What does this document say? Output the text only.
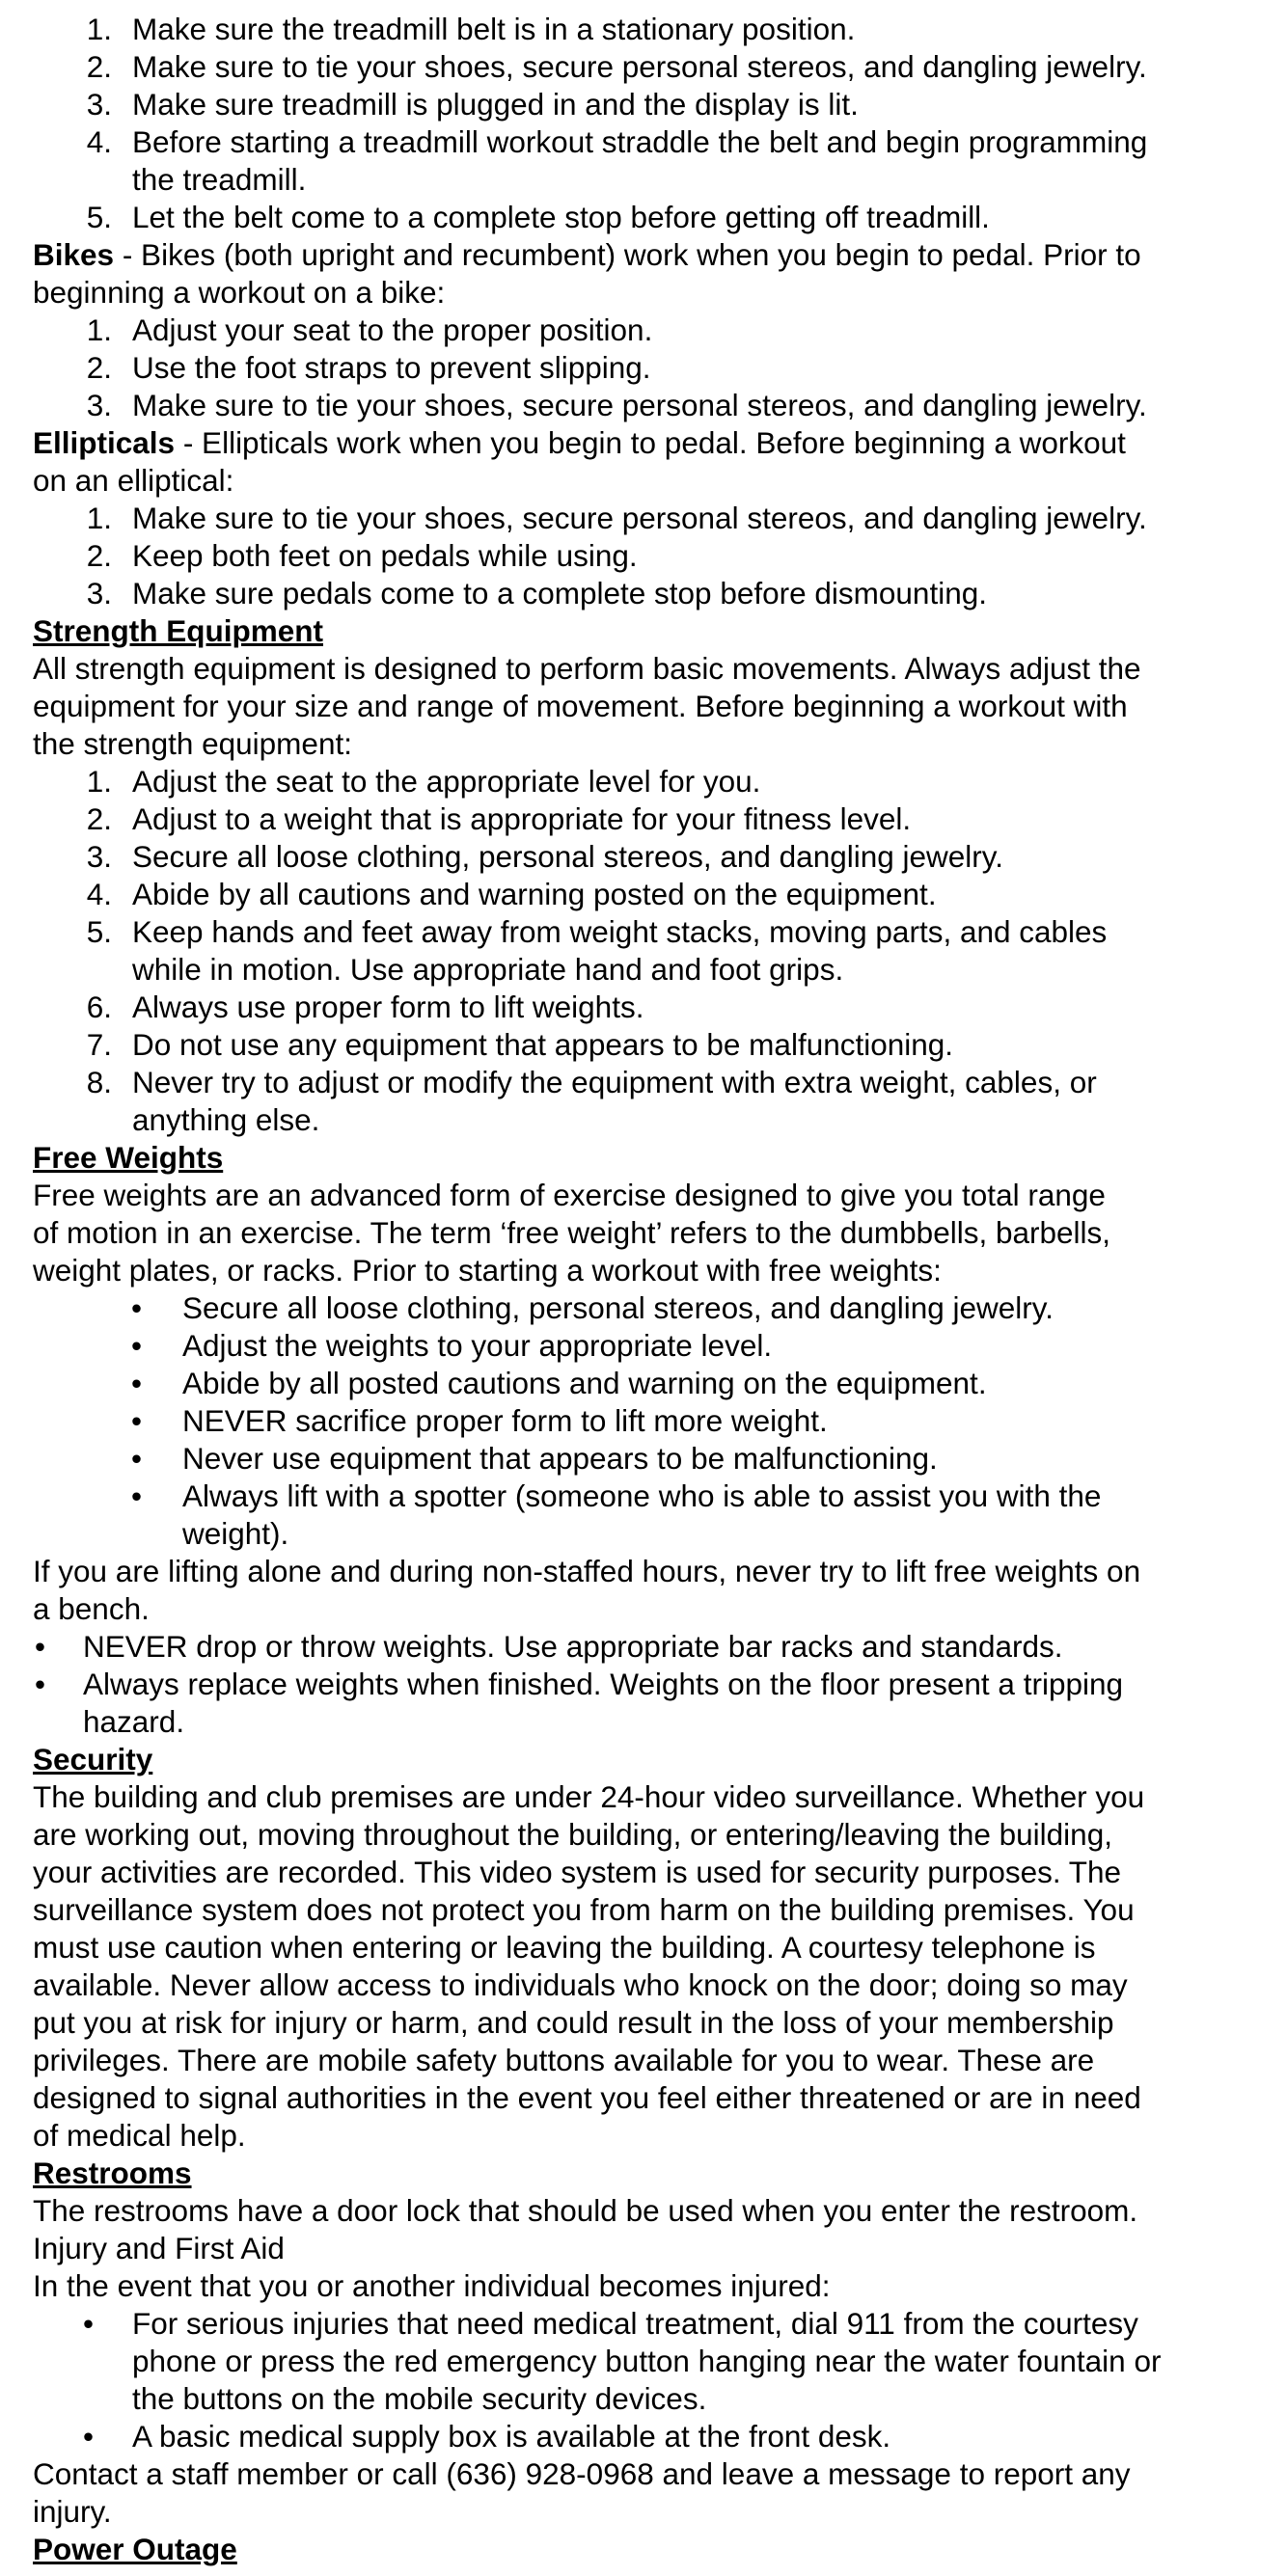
1. Make sure the treadmill belt is in a stationary position.
2. Make sure to tie your shoes, secure personal stereos, and dangling jewelry.
3. Make sure treadmill is plugged in and the display is lit.
4. Before starting a treadmill workout straddle the belt and begin programming
the treadmill.
5. Let the belt come to a complete stop before getting off treadmill.
Bikes - Bikes (both upright and recumbent) work when you begin to pedal. Prior to
beginning a workout on a bike:
1. Adjust your seat to the proper position.
2. Use the foot straps to prevent slipping.
3. Make sure to tie your shoes, secure personal stereos, and dangling jewelry.
Ellipticals - Ellipticals work when you begin to pedal. Before beginning a workout
on an elliptical:
1. Make sure to tie your shoes, secure personal stereos, and dangling jewelry.
2. Keep both feet on pedals while using.
3. Make sure pedals come to a complete stop before dismounting.
Strength Equipment
All strength equipment is designed to perform basic movements. Always adjust the
equipment for your size and range of movement. Before beginning a workout with
the strength equipment:
1. Adjust the seat to the appropriate level for you.
2. Adjust to a weight that is appropriate for your fitness level.
3. Secure all loose clothing, personal stereos, and dangling jewelry.
4. Abide by all cautions and warning posted on the equipment.
5. Keep hands and feet away from weight stacks, moving parts, and cables
while in motion. Use appropriate hand and foot grips.
6. Always use proper form to lift weights.
7. Do not use any equipment that appears to be malfunctioning.
8. Never try to adjust or modify the equipment with extra weight, cables, or
anything else.
Free Weights
Free weights are an advanced form of exercise designed to give you total range
of motion in an exercise. The term ‘free weight’ refers to the dumbbells, barbells,
weight plates, or racks. Prior to starting a workout with free weights:
• Secure all loose clothing, personal stereos, and dangling jewelry.
• Adjust the weights to your appropriate level.
• Abide by all posted cautions and warning on the equipment.
• NEVER sacrifice proper form to lift more weight.
• Never use equipment that appears to be malfunctioning.
• Always lift with a spotter (someone who is able to assist you with the
weight).
If you are lifting alone and during non-staffed hours, never try to lift free weights on
a bench.
• NEVER drop or throw weights. Use appropriate bar racks and standards.
• Always replace weights when finished. Weights on the floor present a tripping
hazard.
Security
The building and club premises are under 24-hour video surveillance. Whether you
are working out, moving throughout the building, or entering/leaving the building,
your activities are recorded. This video system is used for security purposes. The
surveillance system does not protect you from harm on the building premises. You
must use caution when entering or leaving the building. A courtesy telephone is
available. Never allow access to individuals who knock on the door; doing so may
put you at risk for injury or harm, and could result in the loss of your membership
privileges. There are mobile safety buttons available for you to wear. These are
designed to signal authorities in the event you feel either threatened or are in need
of medical help.
Restrooms
The restrooms have a door lock that should be used when you enter the restroom.
Injury and First Aid
In the event that you or another individual becomes injured:
• For serious injuries that need medical treatment, dial 911 from the courtesy
phone or press the red emergency button hanging near the water fountain or
the buttons on the mobile security devices.
• A basic medical supply box is available at the front desk.
Contact a staff member or call (636) 928-0968 and leave a message to report any
injury.
Power Outage
